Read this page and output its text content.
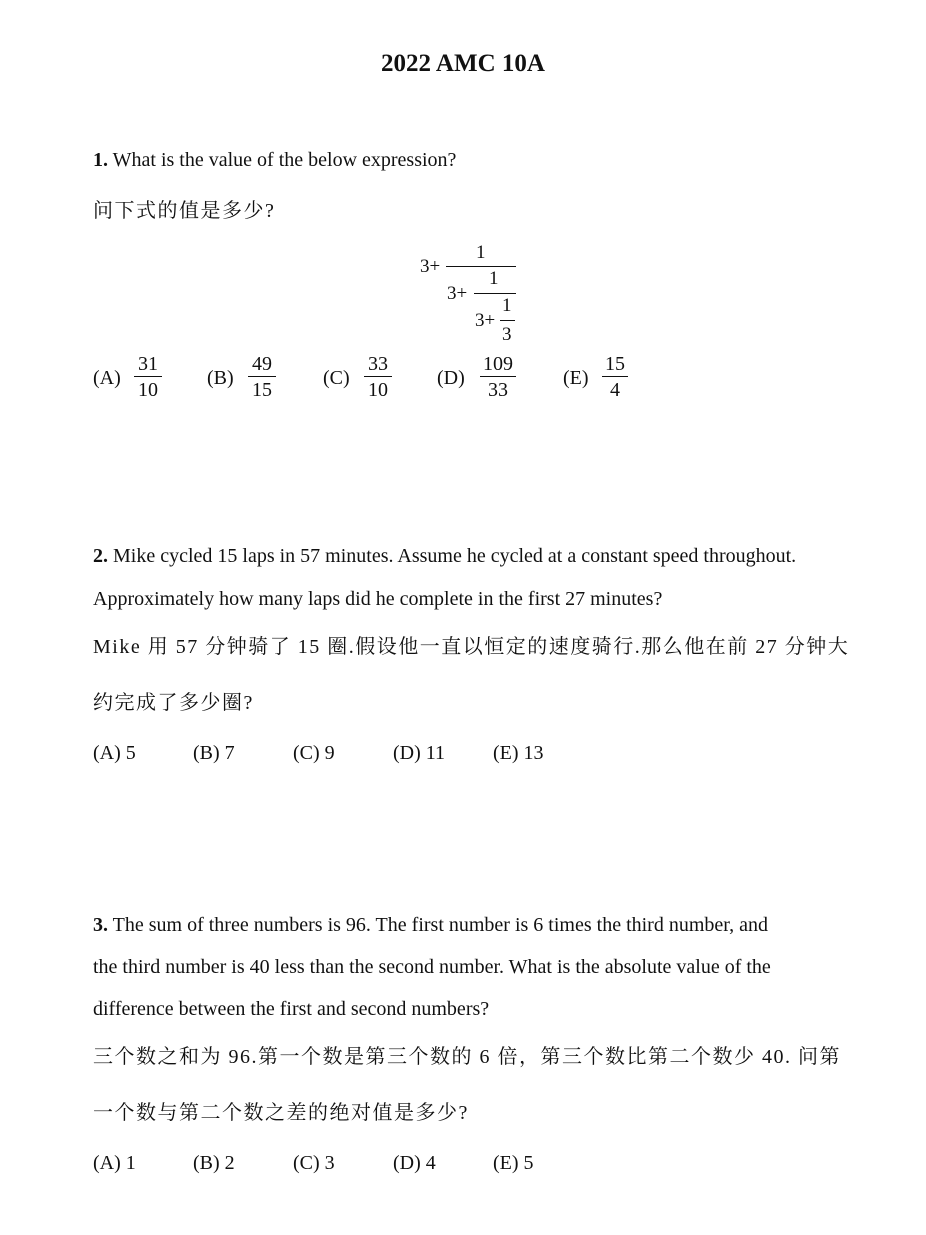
2022 AMC 10A
1. What is the value of the below expression?
问下式的值是多少?
1
3+
1
3+
1
3+
3
(A)
31
10
(B)
49
15
(C)
33
10
(D)
109
33
(E)
15
4
2. Mike cycled 15 laps in 57 minutes. Assume he cycled at a constant speed throughout.
Approximately how many laps did he complete in the first 27 minutes?
Mike 用 57 分钟骑了 15 圈.假设他一直以恒定的速度骑行.那么他在前 27 分钟大
约完成了多少圈?
(A) 5	(B) 7	(C) 9	(D) 11 (E) 13
3. The sum of three numbers is 96. The first number is 6 times the third number, and
the third number is 40 less than the second number. What is the absolute value of the
difference between the first and second numbers?
三个数之和为 96.第一个数是第三个数的 6 倍，第三个数比第二个数少 40. 问第
一个数与第二个数之差的绝对值是多少?
(A) 1	(B) 2	(C) 3	(D) 4	(E) 5
